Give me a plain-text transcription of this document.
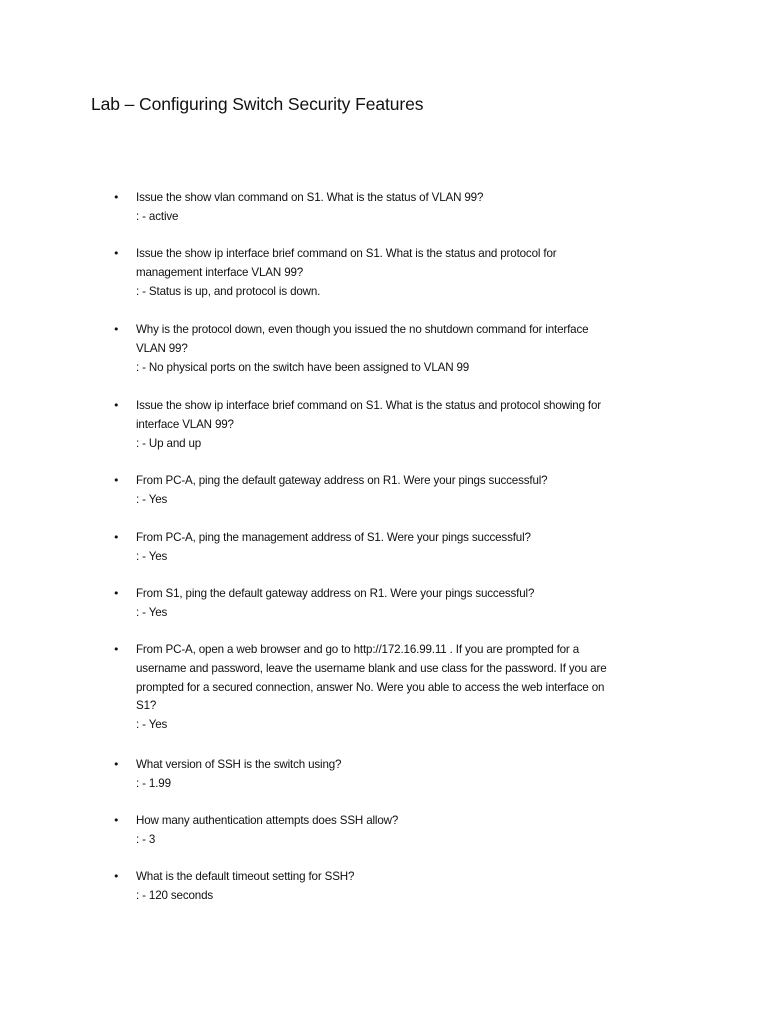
Lab – Configuring Switch Security Features
• Issue the show vlan command on S1. What is the status of VLAN 99?
: - active
• Issue the show ip interface brief command on S1. What is the status and protocol for
management interface VLAN 99?
: - Status is up, and protocol is down.
• Why is the protocol down, even though you issued the no shutdown command for interface
VLAN 99?
: - No physical ports on the switch have been assigned to VLAN 99
• Issue the show ip interface brief command on S1. What is the status and protocol showing for
interface VLAN 99?
: - Up and up
• From PC-A, ping the default gateway address on R1. Were your pings successful?
: - Yes
• From PC-A, ping the management address of S1. Were your pings successful?
: - Yes
• From S1, ping the default gateway address on R1. Were your pings successful?
: - Yes
• From PC-A, open a web browser and go to http://172.16.99.11 . If you are prompted for a
username and password, leave the username blank and use class for the password. If you are
prompted for a secured connection, answer No. Were you able to access the web interface on
S1?
: - Yes
• What version of SSH is the switch using?
: - 1.99
• How many authentication attempts does SSH allow?
: - 3
• What is the default timeout setting for SSH?
: - 120 seconds
